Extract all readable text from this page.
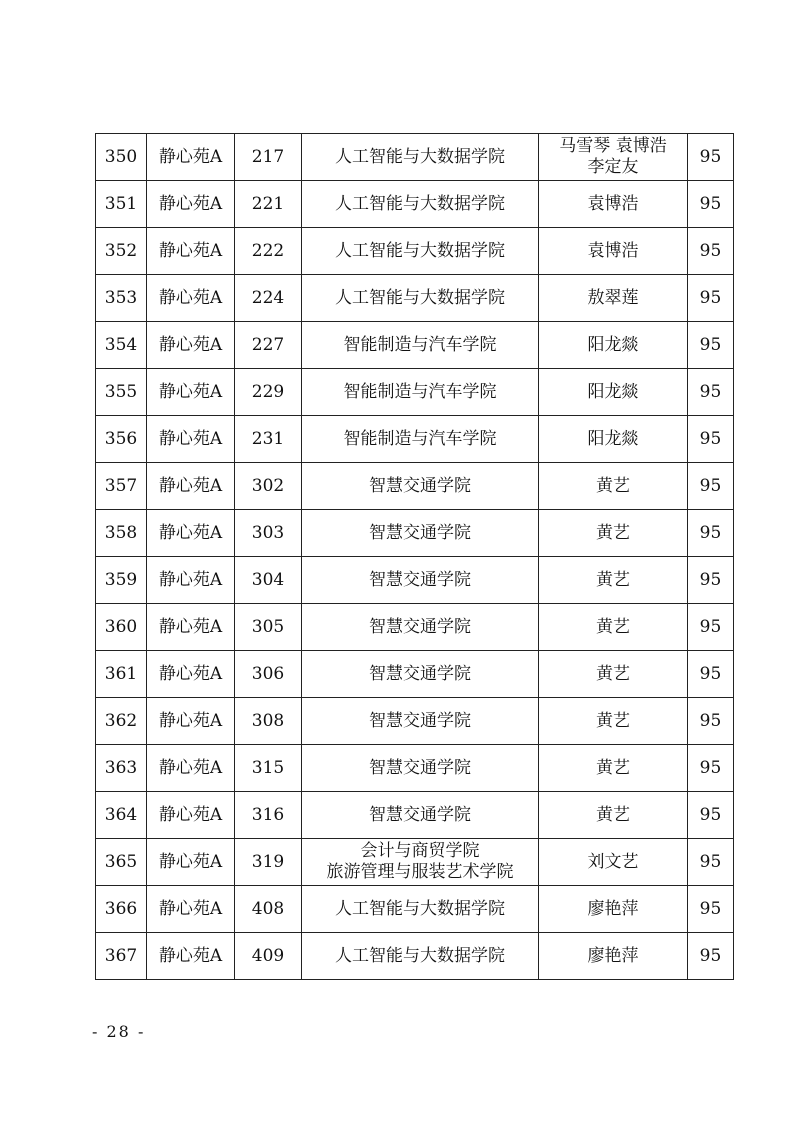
350	静心苑A	217	人工智能与大数据学院	马雪琴 袁博浩
李定友	95
351	静心苑A	221	人工智能与大数据学院	袁博浩	95
352	静心苑A	222	人工智能与大数据学院	袁博浩	95
353	静心苑A	224	人工智能与大数据学院	敖翠莲	95
354	静心苑A	227	智能制造与汽车学院	阳龙燚	95
355	静心苑A	229	智能制造与汽车学院	阳龙燚	95
356	静心苑A	231	智能制造与汽车学院	阳龙燚	95
357	静心苑A	302	智慧交通学院	黄艺	95
358	静心苑A	303	智慧交通学院	黄艺	95
359	静心苑A	304	智慧交通学院	黄艺	95
360	静心苑A	305	智慧交通学院	黄艺	95
361	静心苑A	306	智慧交通学院	黄艺	95
362	静心苑A	308	智慧交通学院	黄艺	95
363	静心苑A	315	智慧交通学院	黄艺	95
364	静心苑A	316	智慧交通学院	黄艺	95
365	静心苑A	319	会计与商贸学院
旅游管理与服装艺术学院	刘文艺	95
366	静心苑A	408	人工智能与大数据学院	廖艳萍	95
367	静心苑A	409	人工智能与大数据学院	廖艳萍	95
- 28 -
